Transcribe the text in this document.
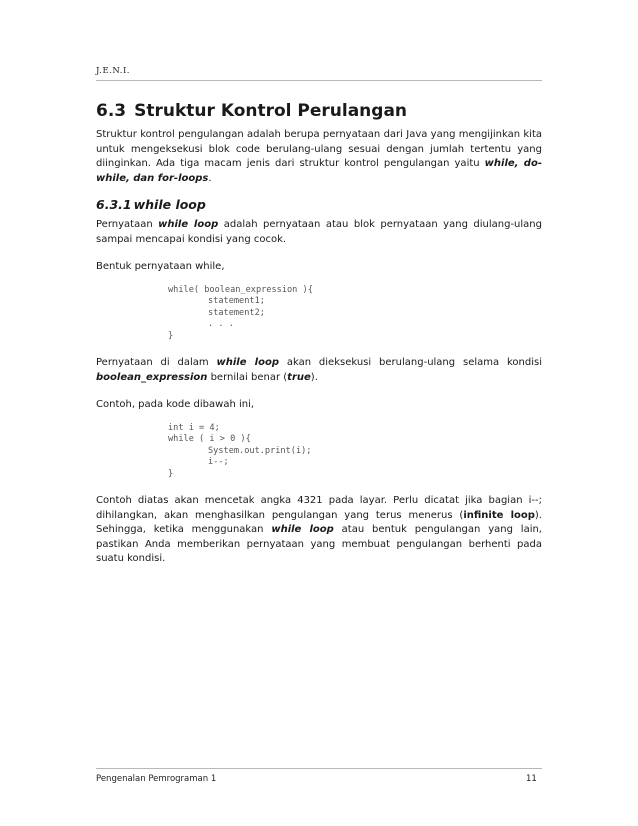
J.E.N.I.
6.3 Struktur Kontrol Perulangan

Struktur kontrol pengulangan adalah berupa pernyataan dari Java yang mengijinkan kita untuk mengeksekusi blok code berulang-ulang sesuai dengan jumlah tertentu yang diinginkan. Ada tiga macam jenis dari struktur kontrol pengulangan yaitu while, do-while, dan for-loops.

6.3.1 while loop

Pernyataan while loop adalah pernyataan atau blok pernyataan yang diulang-ulang sampai mencapai kondisi yang cocok.

Bentuk pernyataan while,

while( boolean_expression ){

statement1;
statement2;
. . .
}

Pernyataan di dalam while loop akan dieksekusi berulang-ulang selama kondisi boolean_expression bernilai benar (true).

Contoh, pada kode dibawah ini,

int i = 4;
while ( i > 0 ){

System.out.print(i);
i--;
}

Contoh diatas akan mencetak angka 4321 pada layar. Perlu dicatat jika bagian i--; dihilangkan, akan menghasilkan pengulangan yang terus menerus (infinite loop). Sehingga, ketika menggunakan while loop atau bentuk pengulangan yang lain, pastikan Anda memberikan pernyataan yang membuat pengulangan berhenti pada suatu kondisi.

Pengenalan Pemrograman 1	11
